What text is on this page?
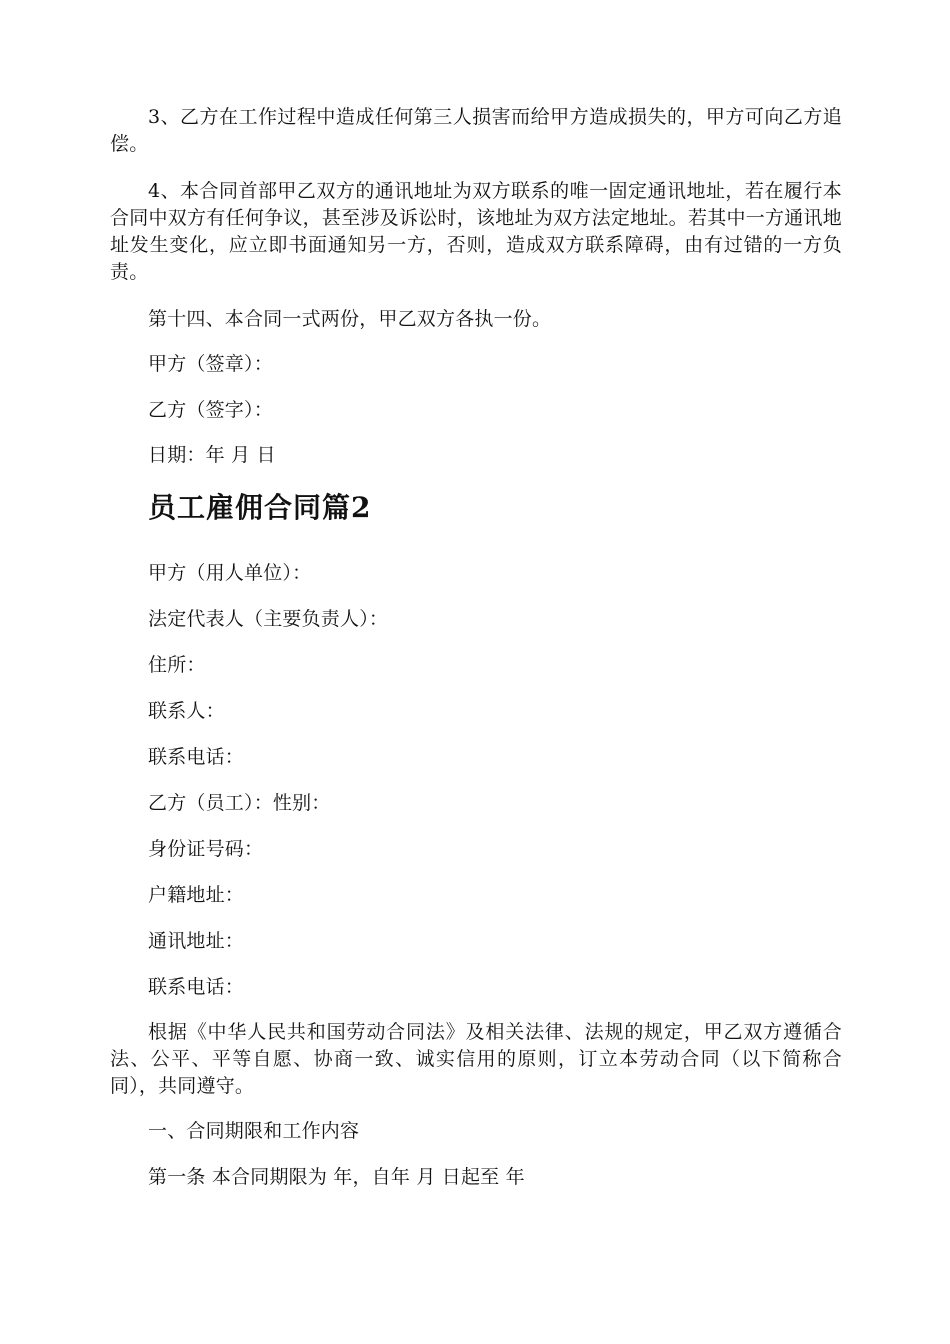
3、乙方在工作过程中造成任何第三人损害而给甲方造成损失的，甲方可向乙方追偿。

4、本合同首部甲乙双方的通讯地址为双方联系的唯一固定通讯地址，若在履行本合同中双方有任何争议，甚至涉及诉讼时，该地址为双方法定地址。若其中一方通讯地址发生变化，应立即书面通知另一方，否则，造成双方联系障碍，由有过错的一方负责。

第十四、本合同一式两份，甲乙双方各执一份。

甲方（签章）：

乙方（签字）：

日期：年 月 日

员工雇佣合同篇2

甲方（用人单位）：

法定代表人（主要负责人）：

住所：

联系人：

联系电话：

乙方（员工）：性别：

身份证号码：

户籍地址：

通讯地址：

联系电话：

根据《中华人民共和国劳动合同法》及相关法律、法规的规定，甲乙双方遵循合法、公平、平等自愿、协商一致、诚实信用的原则，订立本劳动合同（以下简称合同），共同遵守。

一、合同期限和工作内容

第一条 本合同期限为 年，自年 月 日起至 年
